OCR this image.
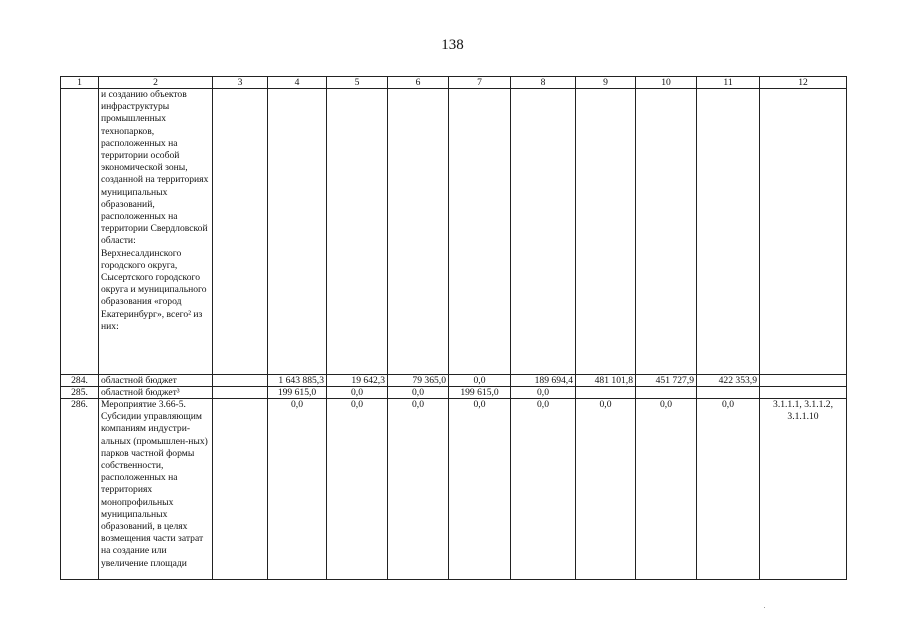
138
1	2	3	4	5	6	7	8	9	10	11	12
	и созданию объектов инфраструктуры промышленных технопарков, расположенных на территории особой экономической зоны, созданной на территориях муниципальных образований, расположенных на территории Свердловской области: Верхнесалдинского городского округа, Сысертского городского округа и муниципального образования «город Екатеринбург», всего² из них:										
284.	областной бюджет		1 643 885,3	19 642,3	79 365,0	0,0	189 694,4	481 101,8	451 727,9	422 353,9	
285.	областной бюджет³		199 615,0	0,0	0,0	199 615,0	0,0				
286.	Мероприятие 3.66-5. Субсидии управляющим компаниям индустри-альных (промышлен-ных) парков частной формы собственности, расположенных на территориях монопрофильных муниципальных образований, в целях возмещения части затрат на создание или увеличение площади		0,0	0,0	0,0	0,0	0,0	0,0	0,0	0,0	3.1.1.1, 3.1.1.2, 3.1.1.10
